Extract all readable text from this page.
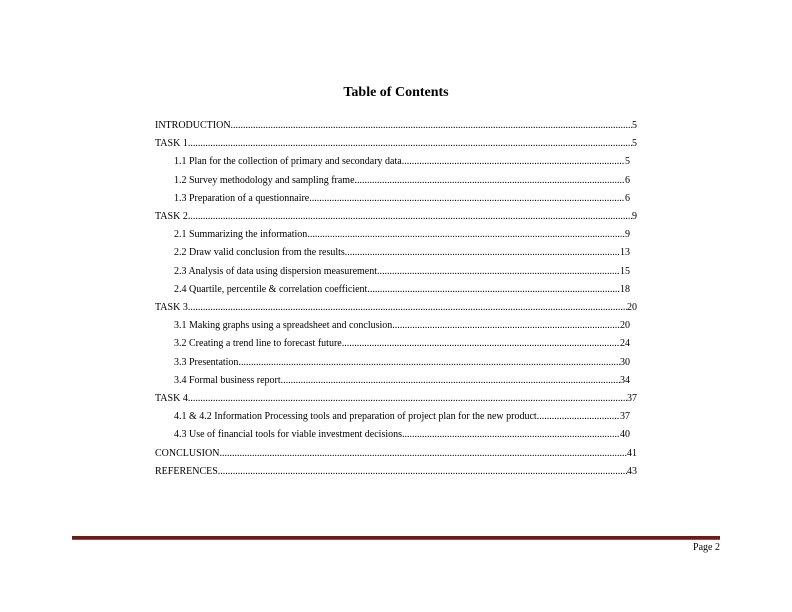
Table of Contents
INTRODUCTION .....	5
TASK 1 .....	5
1.1 Plan for the collection of primary and secondary data .....	5
1.2 Survey methodology and sampling frame .....	6
1.3 Preparation of a questionnaire .....	6
TASK 2 .....	9
2.1 Summarizing the information .....	9
2.2 Draw valid conclusion from the results .....	13
2.3 Analysis of data using dispersion measurement .....	15
2.4 Quartile, percentile & correlation coefficient .....	18
TASK 3 .....	20
3.1 Making graphs using a spreadsheet and conclusion .....	20
3.2 Creating a trend line to forecast future .....	24
3.3 Presentation .....	30
3.4 Formal business report .....	34
TASK 4 .....	37
4.1 & 4.2 Information Processing tools and preparation of project plan for the new product .....	37
4.3 Use of financial tools for viable investment decisions .....	40
CONCLUSION .....	41
REFERENCES .....	43
Page 2
